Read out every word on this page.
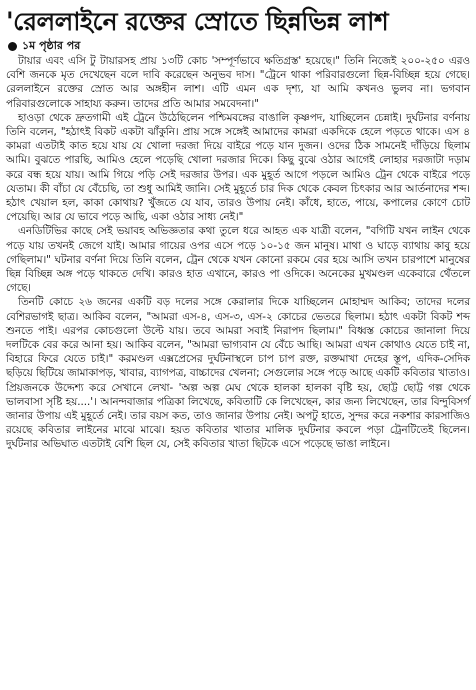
'রেললাইনে রক্তের স্রোতে ছিন্নভিন্ন লাশ
১ম পৃষ্ঠার পর

টায়ার এবং এসি টু টায়ারসহ প্রায় ১৩টি কোচ 'সম্পূর্ণভাবে ক্ষতিগ্রস্ত' হয়েছে।" তিনি নিজেই ২০০-২৫০ এরও বেশি জনকে মৃত দেখেছেন বলে দাবি করেছেন অনুভব দাস। "ট্রেনে থাকা পরিবারগুলো ছিন্ন-বিচ্ছিন্ন হয়ে গেছে। রেললাইনে রক্তের স্রোত আর অঙ্গহীন লাশ। এটি এমন এক দৃশ্য, যা আমি কখনও ভুলব না। ভগবান পরিবারগুলোকে সাহায্য করুন। তাদের প্রতি আমার সমবেদনা।"

হাওড়া থেকে দ্রুতগামী এই ট্রেনে উঠেছিলেন পশ্চিমবঙ্গের বাঙালি কৃষ্ণপদ, যাচ্ছিলেন চেন্নাই। দুর্ঘটনার বর্ণনায় তিনি বলেন, "হঠাৎই বিকট একটা ঝাঁকুনি। প্রায় সঙ্গে সঙ্গেই আমাদের কামরা একদিকে হেলে পড়তে থাকে। এস ৪ কামরা এতটাই কাত হয়ে যায় যে খোলা দরজা দিয়ে বাইরে পড়ে যান দুজন। ওদের ঠিক সামনেই দাঁড়িয়ে ছিলাম আমি। বুঝতে পারছি, আমিও হেলে পড়েছি খোলা দরজার দিকে। কিছু বুঝে ওঠার আগেই লোহার দরজাটা দড়াম করে বন্ধ হয়ে যায়। আমি গিয়ে পড়ি সেই দরজার উপর। এক মুহূর্ত আগে পড়লে আমিও ট্রেন থেকে বাইরে পড়ে যেতাম। কী বাঁচা যে বেঁচেছি, তা শুধু আমিই জানি। সেই মুহূর্তে চার দিক থেকে কেবল চিৎকার আর আর্তনাদের শব্দ। হঠাৎ খেয়াল হল, কাকা কোথায়? খুঁজতে যে যাব, তারও উপায় নেই। কাঁধে, হাতে, পায়ে, কপালের কোণে চোট পেয়েছি। আর যে ভাবে পড়ে আছি, একা ওঠার সাধ্য নেই।"

এনডিটিভির কাছে সেই ভয়াবহ অভিজ্ঞতার কথা তুলে ধরে আহত এক যাত্রী বলেন, "বগিটি যখন লাইন থেকে পড়ে যায় তখনই জেগে যাই। আমার গায়ের ওপর এসে পড়ে ১০-১৫ জন মানুষ। মাথা ও ঘাড়ে ব্যাথায় কাবু হয়ে গেছিলাম।" ঘটনার বর্ণনা দিয়ে তিনি বলেন, ট্রেন থেকে যখন কোনো রকমে বের হয়ে আসি তখন চারপাশে মানুষের ছিন্ন বিচ্ছিন্ন অঙ্গ পড়ে থাকতে দেখি। কারও হাত এখানে, কারও পা ওদিকে। অনেকের মুখমণ্ডল একেবারে থেঁতলে গেছে।

তিনটি কোচে ২৬ জনের একটি বড় দলের সঙ্গে কেরালার দিকে যাচ্ছিলেন মোহাম্মদ আকিব; তাদের দলের বেশিরভাগই ছাত্র। আকিব বলেন, "আমরা এস-৪, এস-৩, এস-২ কোচের ভেতরে ছিলাম। হঠাৎ একটা বিকট শব্দ শুনতে পাই। এরপর কোচগুলো উল্টে যায়। তবে আমরা সবাই নিরাপদ ছিলাম।" বিধ্বস্ত কোচের জানালা দিয়ে দলটিকে বের করে আনা হয়। আকিব বলেন, "আমরা ভাগ্যবান যে বেঁচে আছি। আমরা এখন কোথাও যেতে চাই না, বিহারে ফিরে যেতে চাই।" করমণ্ডল এক্সপ্রেসের দুর্ঘটনাস্থলে চাপ চাপ রক্ত, রক্তমাখা দেহের স্তূপ, এদিক-সেদিক ছড়িয়ে ছিটিয়ে জামাকাপড়, খাবার, ব্যাগপত্র, বাচ্চাদের খেলনা; সেগুলোর সঙ্গে পড়ে আছে একটি কবিতার খাতাও। প্রিয়জনকে উদ্দেশ্য করে সেখানে লেখা- 'অল্প অল্প মেঘ থেকে হালকা হালকা বৃষ্টি হয়, ছোট্ট ছোট্ট গল্প থেকে ভালবাসা সৃষ্টি হয়....'। আনন্দবাজার পত্রিকা লিখেছে, কবিতাটি কে লিখেছেন, কার জন্য লিখেছেন, তার বিন্দুবিসর্গ জানার উপায় এই মুহূর্তে নেই। তার বয়স কত, তাও জানার উপায় নেই। অপটু হাতে, সুন্দর করে নকশার কারসাজিও রয়েছে কবিতার লাইনের মাঝে মাঝে। হয়ত কবিতার খাতার মালিক দুর্ঘটনার কবলে পড়া ট্রেনটিতেই ছিলেন। দুর্ঘটনার অভিঘাত এতটাই বেশি ছিল যে, সেই কবিতার খাতা ছিটকে এসে পড়েছে ভাঙা লাইনে।
